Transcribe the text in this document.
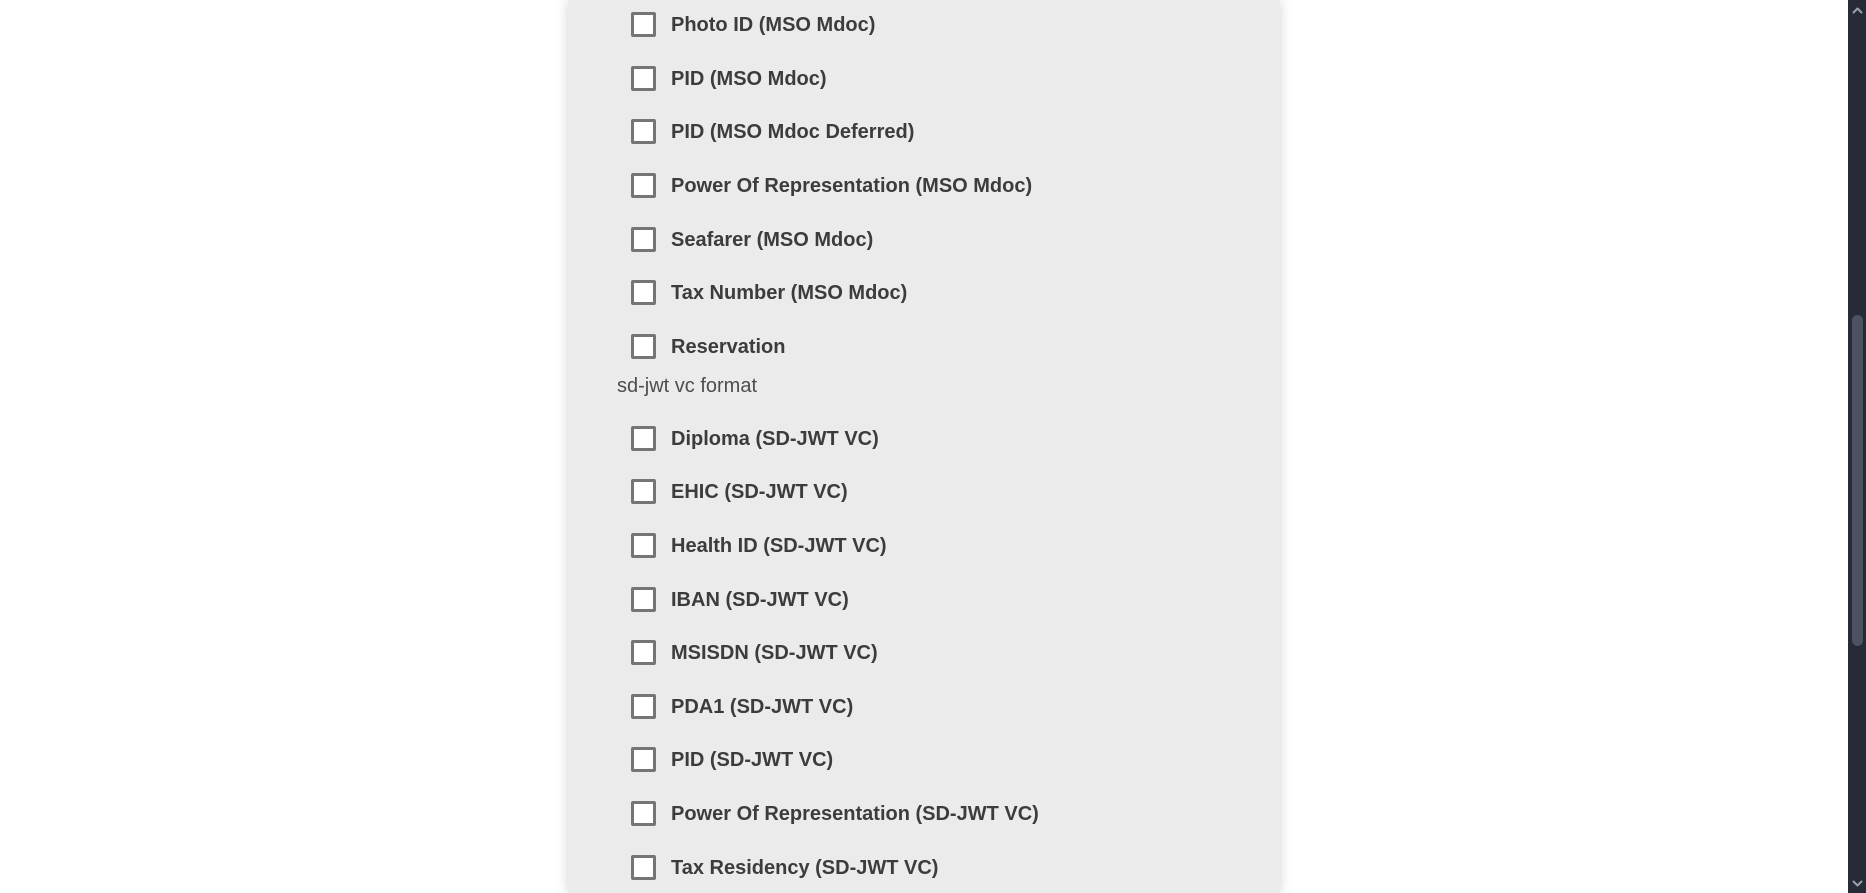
Photo ID (MSO Mdoc)
PID (MSO Mdoc)
PID (MSO Mdoc Deferred)
Power Of Representation (MSO Mdoc)
Seafarer (MSO Mdoc)
Tax Number (MSO Mdoc)
Reservation
sd-jwt vc format
Diploma (SD-JWT VC)
EHIC (SD-JWT VC)
Health ID (SD-JWT VC)
IBAN (SD-JWT VC)
MSISDN (SD-JWT VC)
PDA1 (SD-JWT VC)
PID (SD-JWT VC)
Power Of Representation (SD-JWT VC)
Tax Residency (SD-JWT VC)
